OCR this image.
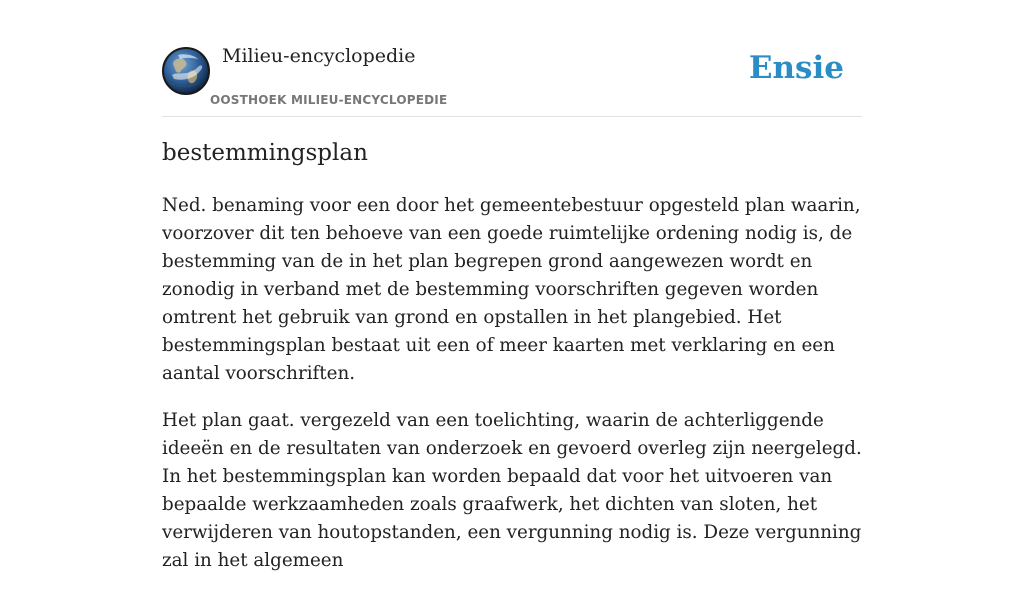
Milieu-encyclopedie
OOSTHOEK MILIEU-ENCYCLOPEDIE
Ensie
bestemmingsplan

Ned. benaming voor een door het gemeentebestuur opgesteld plan waarin, voorzover dit ten behoeve van een goede ruimtelijke ordening nodig is, de bestemming van de in het plan begrepen grond aangewezen wordt en zonodig in verband met de bestemming voorschriften gegeven worden omtrent het gebruik van grond en opstallen in het plangebied. Het bestemmingsplan bestaat uit een of meer kaarten met verklaring en een aantal voorschriften.

Het plan gaat. vergezeld van een toelichting, waarin de achterliggende ideeën en de resultaten van onderzoek en gevoerd overleg zijn neergelegd. In het bestemmingsplan kan worden bepaald dat voor het uitvoeren van bepaalde werkzaamheden zoals graafwerk, het dichten van sloten, het verwijderen van houtopstanden, een vergunning nodig is. Deze vergunning zal in het algemeen
